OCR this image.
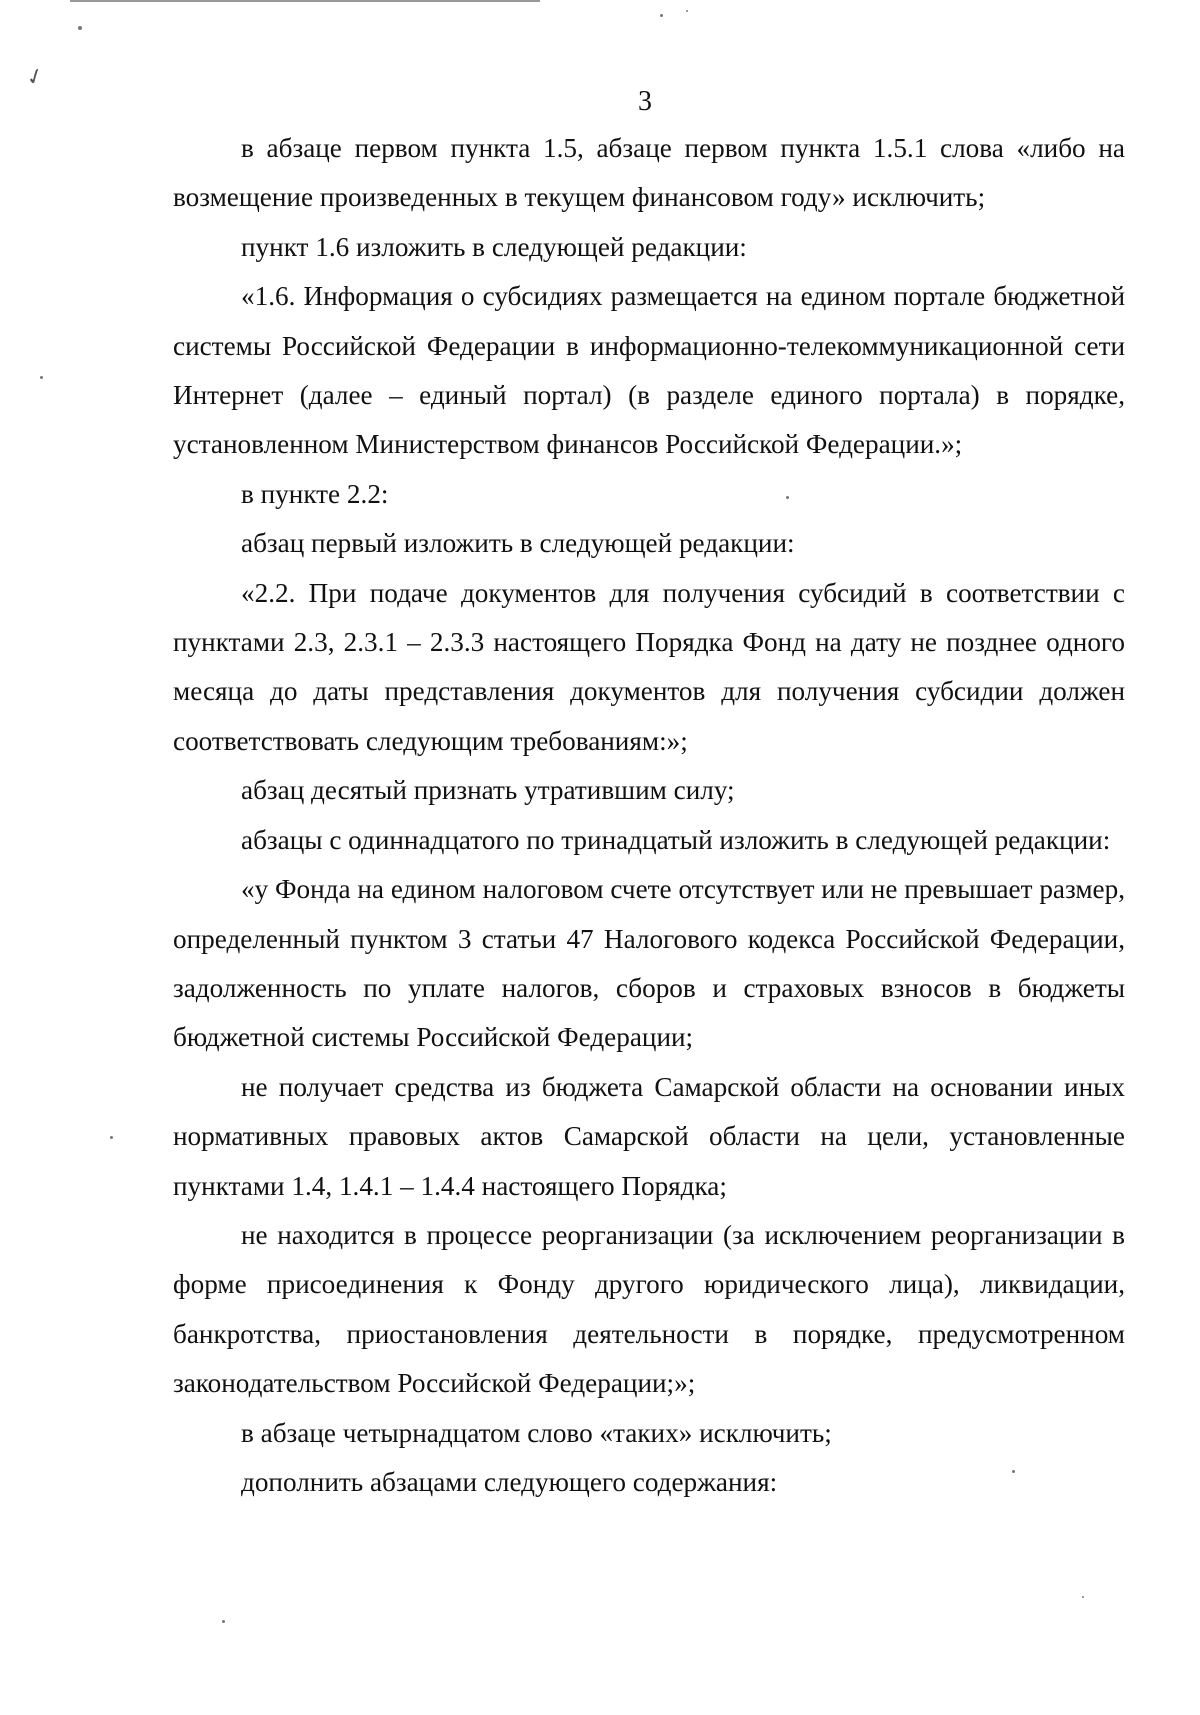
✓
3

в абзаце первом пункта 1.5, абзаце первом пункта 1.5.1 слова «либо на возмещение произведенных в текущем финансовом году» исключить;

пункт 1.6 изложить в следующей редакции:

«1.6. Информация о субсидиях размещается на едином портале бюджетной системы Российской Федерации в информационно-телекоммуникационной сети Интернет (далее – единый портал) (в разделе единого портала) в порядке, установленном Министерством финансов Российской Федерации.»;

в пункте 2.2:

абзац первый изложить в следующей редакции:

«2.2. При подаче документов для получения субсидий в соответствии с пунктами 2.3, 2.3.1 – 2.3.3 настоящего Порядка Фонд на дату не позднее одного месяца до даты представления документов для получения субсидии должен соответствовать следующим требованиям:»;

абзац десятый признать утратившим силу;

абзацы с одиннадцатого по тринадцатый изложить в следующей редакции:

«у Фонда на едином налоговом счете отсутствует или не превышает размер, определенный пунктом 3 статьи 47 Налогового кодекса Российской Федерации, задолженность по уплате налогов, сборов и страховых взносов в бюджеты бюджетной системы Российской Федерации;

не получает средства из бюджета Самарской области на основании иных нормативных правовых актов Самарской области на цели, установленные пунктами 1.4, 1.4.1 – 1.4.4 настоящего Порядка;

не находится в процессе реорганизации (за исключением реорганизации в форме присоединения к Фонду другого юридического лица), ликвидации, банкротства, приостановления деятельности в порядке, предусмотренном законодательством Российской Федерации;»;

в абзаце четырнадцатом слово «таких» исключить;

дополнить абзацами следующего содержания:
